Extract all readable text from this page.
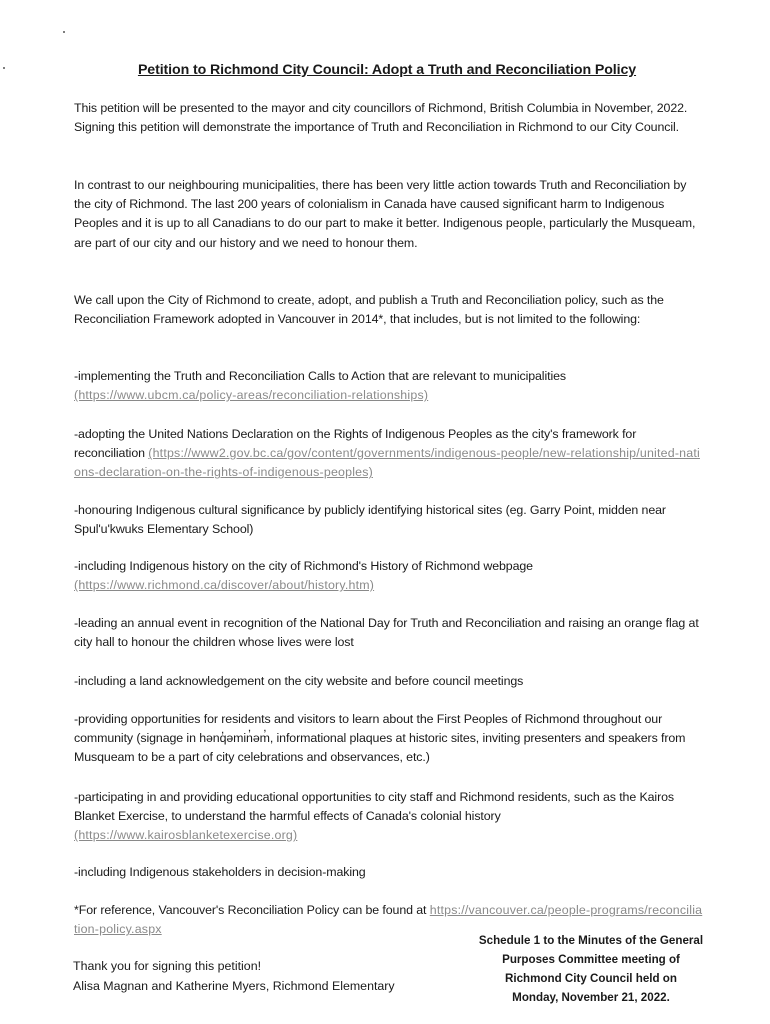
Petition to Richmond City Council: Adopt a Truth and Reconciliation Policy

This petition will be presented to the mayor and city councillors of Richmond, British Columbia in November, 2022. Signing this petition will demonstrate the importance of Truth and Reconciliation in Richmond to our City Council.

In contrast to our neighbouring municipalities, there has been very little action towards Truth and Reconciliation by the city of Richmond. The last 200 years of colonialism in Canada have caused significant harm to Indigenous Peoples and it is up to all Canadians to do our part to make it better. Indigenous people, particularly the Musqueam, are part of our city and our history and we need to honour them.

We call upon the City of Richmond to create, adopt, and publish a Truth and Reconciliation policy, such as the Reconciliation Framework adopted in Vancouver in 2014*, that includes, but is not limited to the following:

-implementing the Truth and Reconciliation Calls to Action that are relevant to municipalities
(https://www.ubcm.ca/policy-areas/reconciliation-relationships)

-adopting the United Nations Declaration on the Rights of Indigenous Peoples as the city's framework for reconciliation (https://www2.gov.bc.ca/gov/content/governments/indigenous-people/new-relationship/united-nations-declaration-on-the-rights-of-indigenous-peoples)

-honouring Indigenous cultural significance by publicly identifying historical sites (eg. Garry Point, midden near Spul'u'kwuks Elementary School)

-including Indigenous history on the city of Richmond's History of Richmond webpage
(https://www.richmond.ca/discover/about/history.htm)

-leading an annual event in recognition of the National Day for Truth and Reconciliation and raising an orange flag at city hall to honour the children whose lives were lost

-including a land acknowledgement on the city website and before council meetings

-providing opportunities for residents and visitors to learn about the First Peoples of Richmond throughout our community (signage in hənq̓əmin̓əm̓, informational plaques at historic sites, inviting presenters and speakers from Musqueam to be a part of city celebrations and observances, etc.)

-participating in and providing educational opportunities to city staff and Richmond residents, such as the Kairos Blanket Exercise, to understand the harmful effects of Canada's colonial history
(https://www.kairosblanketexercise.org)

-including Indigenous stakeholders in decision-making

*For reference, Vancouver's Reconciliation Policy can be found at https://vancouver.ca/people-programs/reconciliation-policy.aspx

Schedule 1 to the Minutes of the General
Purposes Committee meeting of
Richmond City Council held on
Monday, November 21, 2022.
Thank you for signing this petition!
Alisa Magnan and Katherine Myers, Richmond Elementary
